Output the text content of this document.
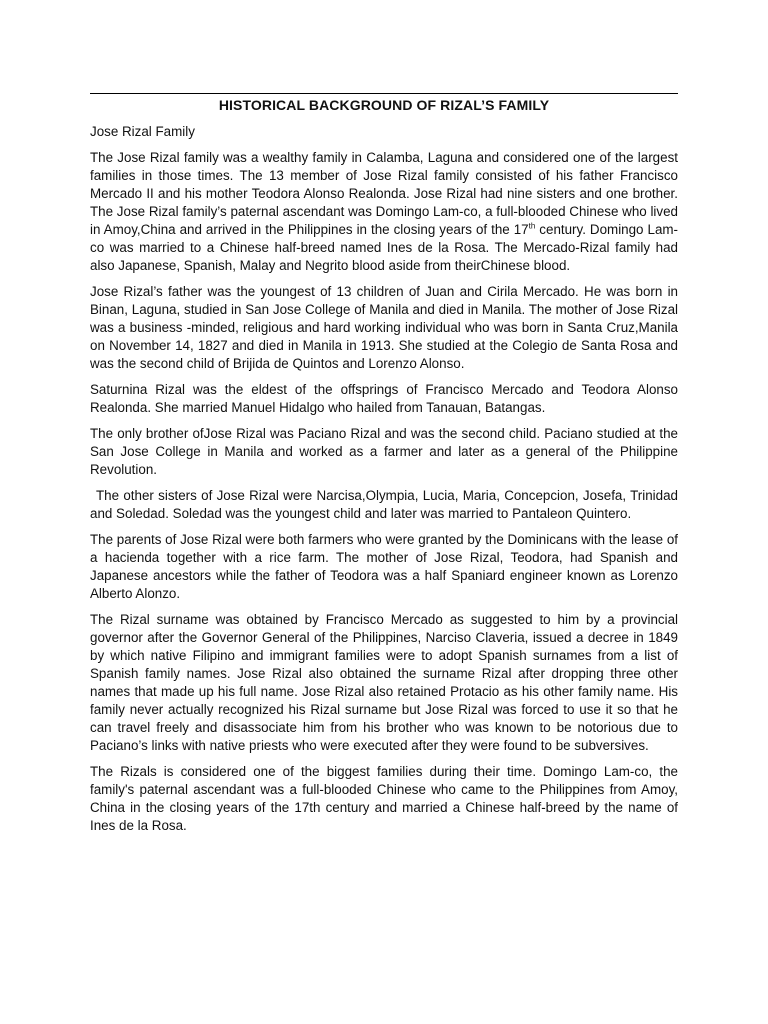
HISTORICAL BACKGROUND OF RIZAL’S FAMILY
Jose Rizal Family

The Jose Rizal family was a wealthy family in Calamba, Laguna and considered one of the largest families in those times. The 13 member of Jose Rizal family consisted of his father Francisco Mercado II and his mother Teodora Alonso Realonda. Jose Rizal had nine sisters and one brother. The Jose Rizal family’s paternal ascendant was Domingo Lam-co, a full-blooded Chinese who lived in Amoy,China and arrived in the Philippines in the closing years of the 17th century. Domingo Lam-co was married to a Chinese half-breed named Ines de la Rosa. The Mercado-Rizal family had also Japanese, Spanish, Malay and Negrito blood aside from theirChinese blood.

Jose Rizal’s father was the youngest of 13 children of Juan and Cirila Mercado. He was born in Binan, Laguna, studied in San Jose College of Manila and died in Manila. The mother of Jose Rizal was a business -minded, religious and hard working individual who was born in Santa Cruz,Manila on November 14, 1827 and died in Manila in 1913. She studied at the Colegio de Santa Rosa and was the second child of Brijida de Quintos and Lorenzo Alonso.

Saturnina Rizal was the eldest of the offsprings of Francisco Mercado and Teodora Alonso Realonda. She married Manuel Hidalgo who hailed from Tanauan, Batangas.

The only brother ofJose Rizal was Paciano Rizal and was the second child. Paciano studied at the San Jose College in Manila and worked as a farmer and later as a general of the Philippine Revolution.

The other sisters of Jose Rizal were Narcisa,Olympia, Lucia, Maria, Concepcion, Josefa, Trinidad and Soledad. Soledad was the youngest child and later was married to Pantaleon Quintero.

The parents of Jose Rizal were both farmers who were granted by the Dominicans with the lease of a hacienda together with a rice farm. The mother of Jose Rizal, Teodora, had Spanish and Japanese ancestors while the father of Teodora was a half Spaniard engineer known as Lorenzo Alberto Alonzo.

The Rizal surname was obtained by Francisco Mercado as suggested to him by a provincial governor after the Governor General of the Philippines, Narciso Claveria, issued a decree in 1849 by which native Filipino and immigrant families were to adopt Spanish surnames from a list of Spanish family names. Jose Rizal also obtained the surname Rizal after dropping three other names that made up his full name. Jose Rizal also retained Protacio as his other family name. His family never actually recognized his Rizal surname but Jose Rizal was forced to use it so that he can travel freely and disassociate him from his brother who was known to be notorious due to Paciano’s links with native priests who were executed after they were found to be subversives.

The Rizals is considered one of the biggest families during their time. Domingo Lam-co, the family's paternal ascendant was a full-blooded Chinese who came to the Philippines from Amoy, China in the closing years of the 17th century and married a Chinese half-breed by the name of Ines de la Rosa.
